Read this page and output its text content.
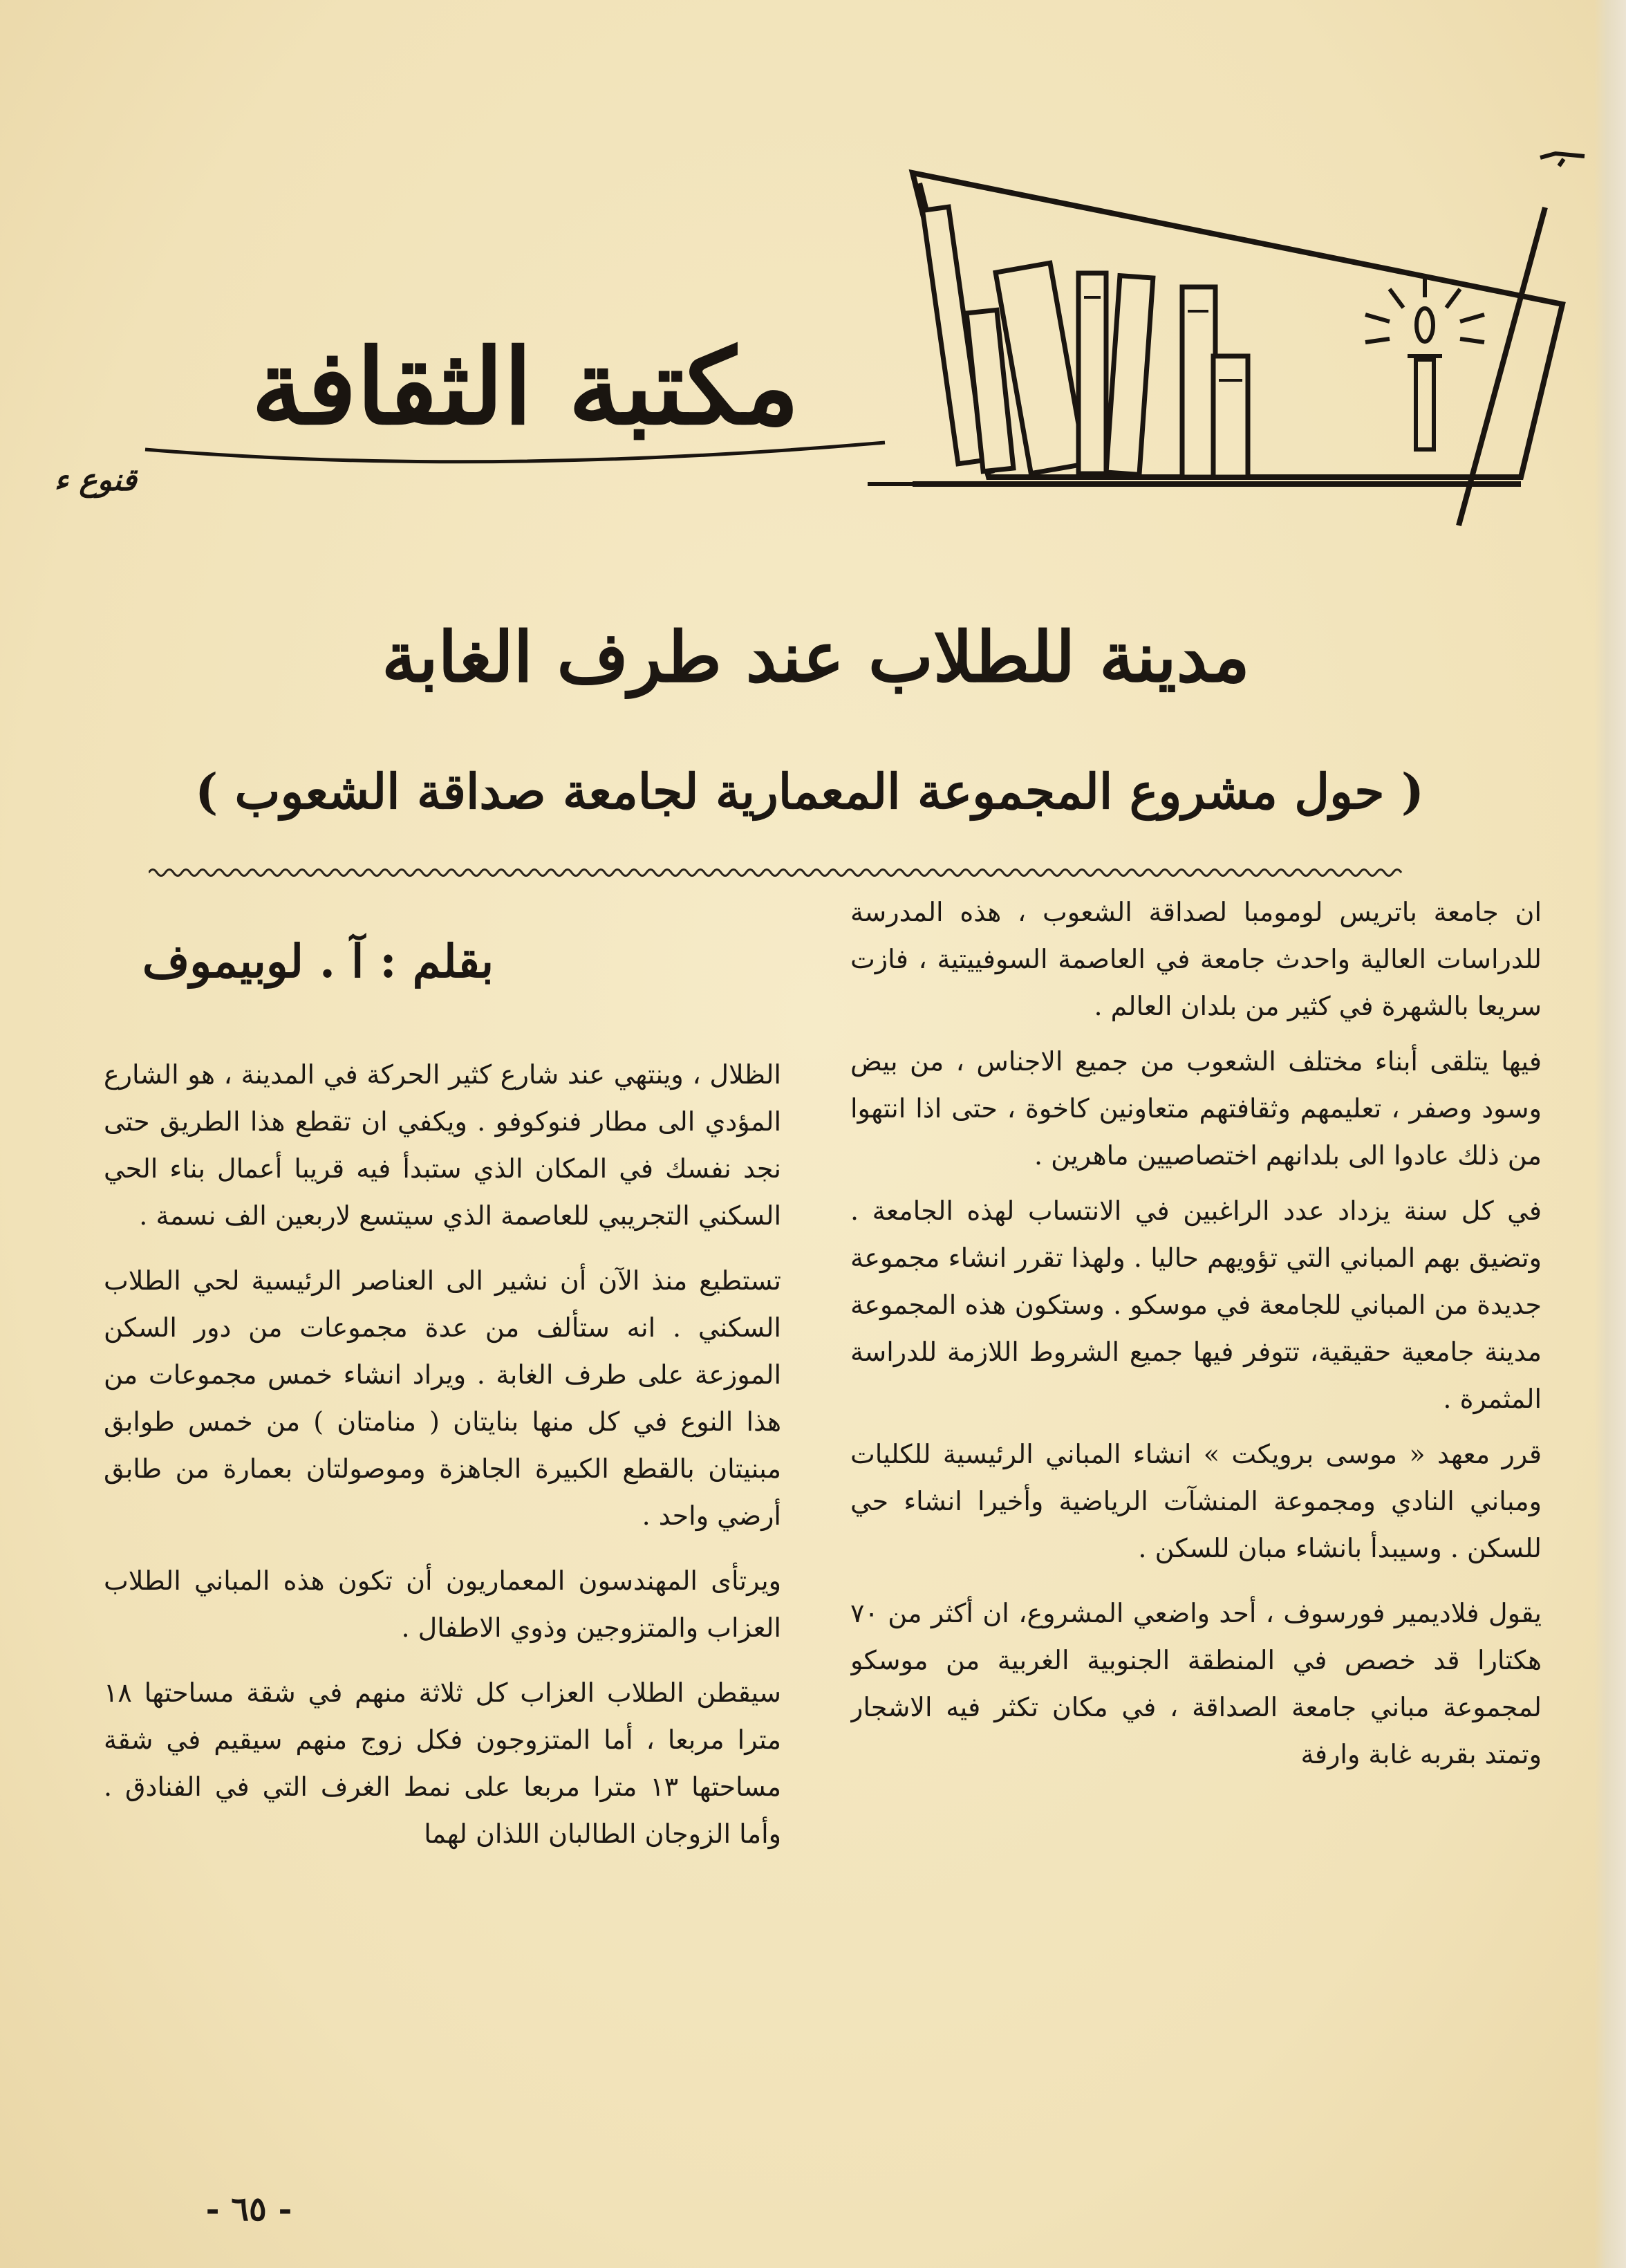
مكتبة الثقافة
قنوع ء
مدينة للطلاب عند طرف الغابة
( حول مشروع المجموعة المعمارية لجامعة صداقة الشعوب )
بقلم : آ . لوبيموف

ان جامعة باتريس لومومبا لصداقة الشعوب ، هذه المدرسة للدراسات العالية واحدث جامعة في العاصمة السوفييتية ، فازت سريعا بالشهرة في كثير من بلدان العالم .

فيها يتلقى أبناء مختلف الشعوب من جميع الاجناس ، من بيض وسود وصفر ، تعليمهم وثقافتهم متعاونين كاخوة ، حتى اذا انتهوا من ذلك عادوا الى بلدانهم اختصاصيين ماهرين .

في كل سنة يزداد عدد الراغبين في الانتساب لهذه الجامعة . وتضيق بهم المباني التي تؤويهم حاليا . ولهذا تقرر انشاء مجموعة جديدة من المباني للجامعة في موسكو . وستكون هذه المجموعة مدينة جامعية حقيقية، تتوفر فيها جميع الشروط اللازمة للدراسة المثمرة .

قرر معهد « موسى برويكت » انشاء المباني الرئيسية للكليات ومباني النادي ومجموعة المنشآت الرياضية وأخيرا انشاء حي للسكن . وسيبدأ بانشاء مبان للسكن .

يقول فلاديمير فورسوف ، أحد واضعي المشروع، ان أكثر من ٧٠ هكتارا قد خصص في المنطقة الجنوبية الغربية من موسكو لمجموعة مباني جامعة الصداقة ، في مكان تكثر فيه الاشجار وتمتد بقربه غابة وارفة

الظلال ، وينتهي عند شارع كثير الحركة في المدينة ، هو الشارع المؤدي الى مطار فنوكوفو . ويكفي ان تقطع هذا الطريق حتى نجد نفسك في المكان الذي ستبدأ فيه قريبا أعمال بناء الحي السكني التجريبي للعاصمة الذي سيتسع لاربعين الف نسمة .

تستطيع منذ الآن أن نشير الى العناصر الرئيسية لحي الطلاب السكني . انه ستألف من عدة مجموعات من دور السكن الموزعة على طرف الغابة . ويراد انشاء خمس مجموعات من هذا النوع في كل منها بنايتان ( منامتان ) من خمس طوابق مبنيتان بالقطع الكبيرة الجاهزة وموصولتان بعمارة من طابق أرضي واحد .

ويرتأى المهندسون المعماريون أن تكون هذه المباني الطلاب العزاب والمتزوجين وذوي الاطفال .

سيقطن الطلاب العزاب كل ثلاثة منهم في شقة مساحتها ١٨ مترا مربعا ، أما المتزوجون فكل زوج منهم سيقيم في شقة مساحتها ١٣ مترا مربعا على نمط الغرف التي في الفنادق . وأما الزوجان الطالبان اللذان لهما

- ٦٥ -
